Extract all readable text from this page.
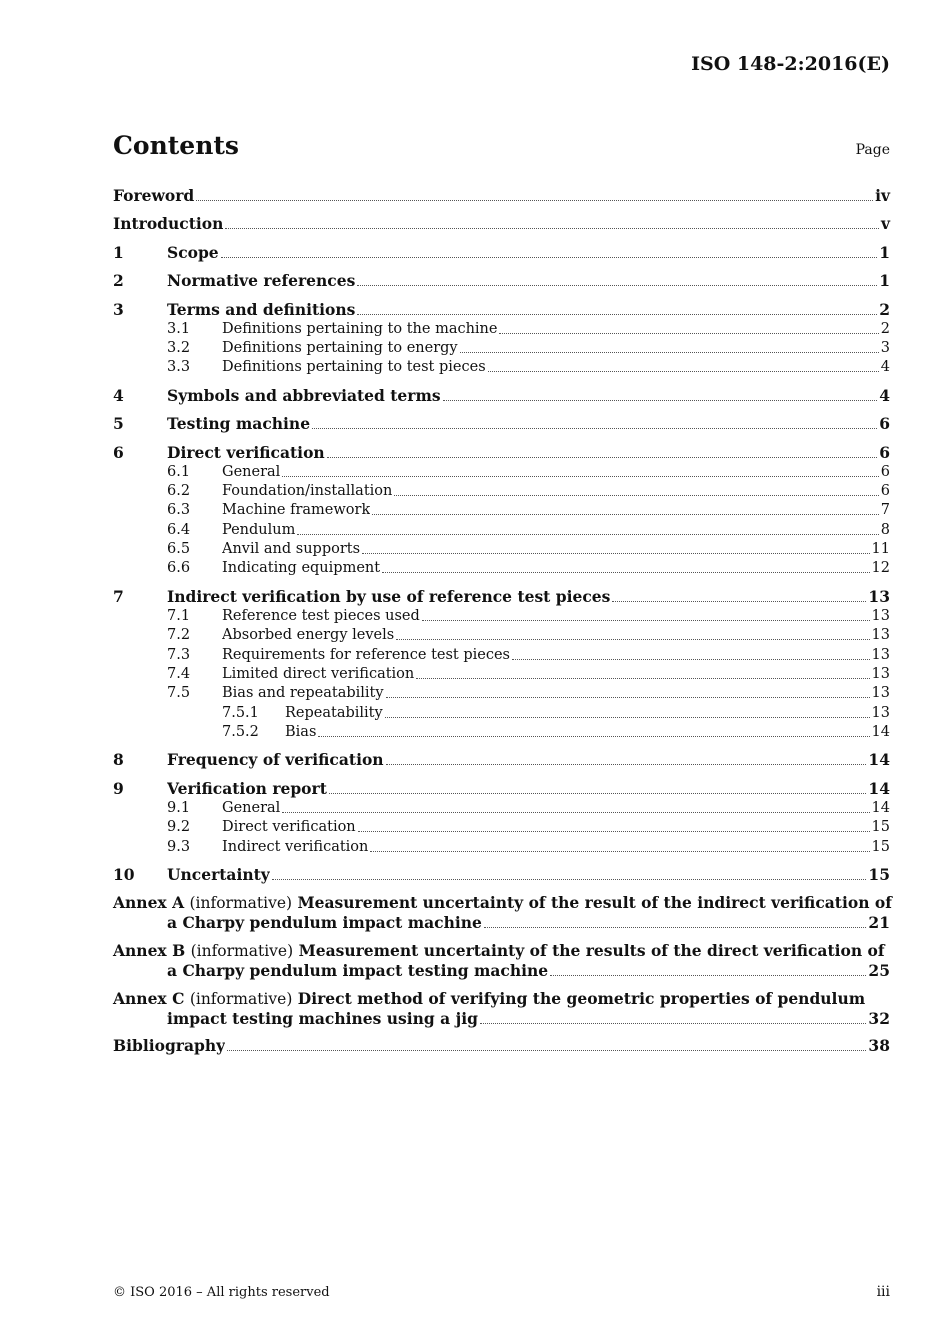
ISO 148-2:2016(E)
Contents	Page
Foreword	iv
Introduction	v
1	Scope	1
2	Normative references	1
3	Terms and definitions	2
3.1	Definitions pertaining to the machine	2
3.2	Definitions pertaining to energy	3
3.3	Definitions pertaining to test pieces	4
4	Symbols and abbreviated terms	4
5	Testing machine	6
6	Direct verification	6
6.1	General	6
6.2	Foundation/installation	6
6.3	Machine framework	7
6.4	Pendulum	8
6.5	Anvil and supports	11
6.6	Indicating equipment	12
7	Indirect verification by use of reference test pieces	13
7.1	Reference test pieces used	13
7.2	Absorbed energy levels	13
7.3	Requirements for reference test pieces	13
7.4	Limited direct verification	13
7.5	Bias and repeatability	13
7.5.1	Repeatability	13
7.5.2	Bias	14
8	Frequency of verification	14
9	Verification report	14
9.1	General	14
9.2	Direct verification	15
9.3	Indirect verification	15
10	Uncertainty	15
Annex A (informative) Measurement uncertainty of the result of the indirect verification of
a Charpy pendulum impact machine	21
Annex B (informative) Measurement uncertainty of the results of the direct verification of
a Charpy pendulum impact testing machine	25
Annex C (informative) Direct method of verifying the geometric properties of pendulum
impact testing machines using a jig	32
Bibliography	38
© ISO 2016 – All rights reserved	iii
